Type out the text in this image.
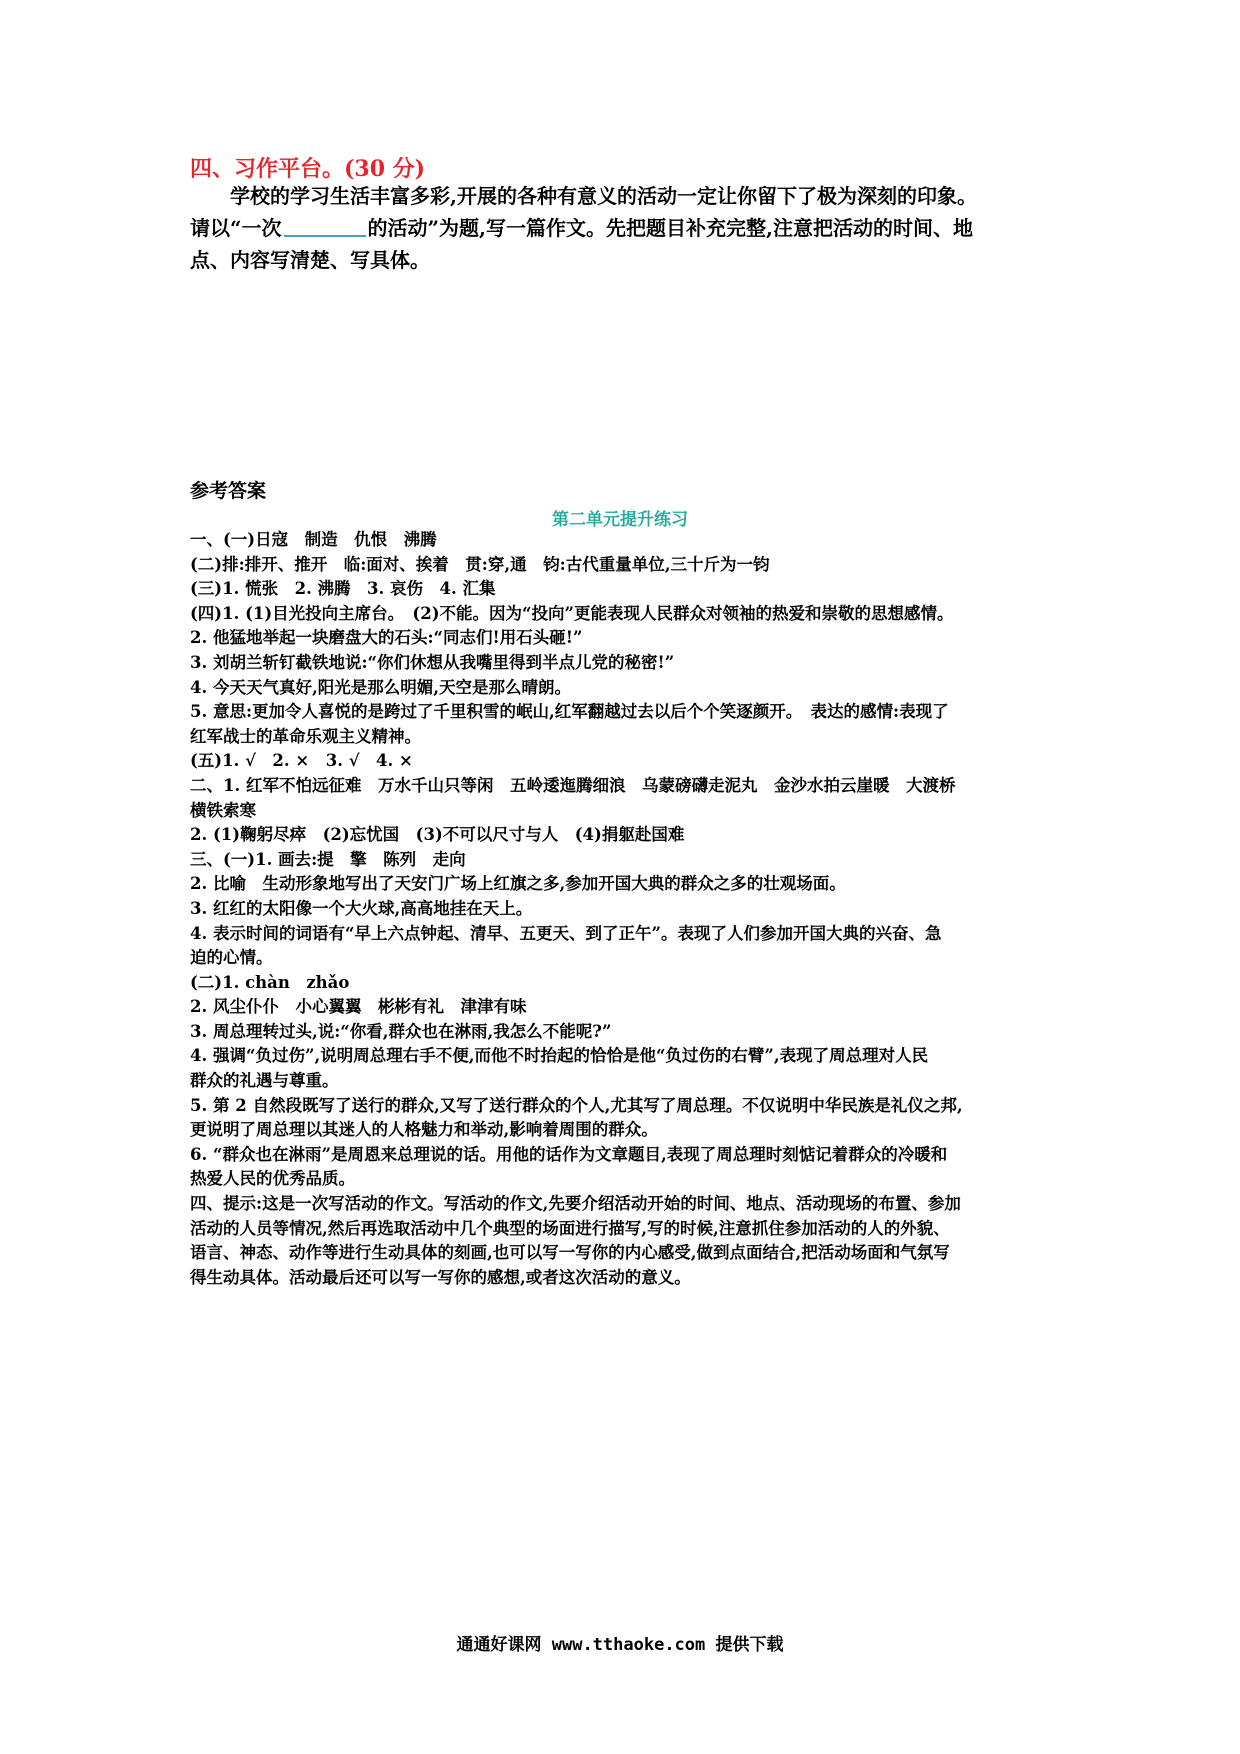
四、习作平台。(30 分)

学校的学习生活丰富多彩,开展的各种有意义的活动一定让你留下了极为深刻的印象。

请以“一次	的活动”为题,写一篇作文。先把题目补充完整,注意把活动的时间、地

点、内容写清楚、写具体。

参考答案
第二单元提升练习
一、(一)日寇　制造　仇恨　沸腾
(二)排:排开、推开　临:面对、挨着　贯:穿,通　钧:古代重量单位,三十斤为一钧
(三)1. 慌张　2. 沸腾　3. 哀伤　4. 汇集
(四)1. (1)目光投向主席台。　(2)不能。因为“投向”更能表现人民群众对领袖的热爱和崇敬的思想感情。
2. 他猛地举起一块磨盘大的石头:“同志们!用石头砸!”
3. 刘胡兰斩钉截铁地说:“你们休想从我嘴里得到半点儿党的秘密!”
4. 今天天气真好,阳光是那么明媚,天空是那么晴朗。
5. 意思:更加令人喜悦的是跨过了千里积雪的岷山,红军翻越过去以后个个笑逐颜开。　表达的感情:表现了
红军战士的革命乐观主义精神。
(五)1. √　2. ×　3. √　4. ×
二、1. 红军不怕远征难　万水千山只等闲　五岭逶迤腾细浪　乌蒙磅礴走泥丸　金沙水拍云崖暖　大渡桥
横铁索寒
2. (1)鞠躬尽瘁　(2)忘忧国　(3)不可以尺寸与人　(4)捐躯赴国难
三、(一)1. 画去:提　擎　陈列　走向
2. 比喻　生动形象地写出了天安门广场上红旗之多,参加开国大典的群众之多的壮观场面。
3. 红红的太阳像一个大火球,高高地挂在天上。
4. 表示时间的词语有“早上六点钟起、清早、五更天、到了正午”。表现了人们参加开国大典的兴奋、急
迫的心情。
(二)1. chàn　zhǎo
2. 风尘仆仆　小心翼翼　彬彬有礼　津津有味
3. 周总理转过头,说:“你看,群众也在淋雨,我怎么不能呢?”
4. 强调“负过伤”,说明周总理右手不便,而他不时抬起的恰恰是他“负过伤的右臂”,表现了周总理对人民
群众的礼遇与尊重。
5. 第 2 自然段既写了送行的群众,又写了送行群众的个人,尤其写了周总理。不仅说明中华民族是礼仪之邦,
更说明了周总理以其迷人的人格魅力和举动,影响着周围的群众。
6. “群众也在淋雨”是周恩来总理说的话。用他的话作为文章题目,表现了周总理时刻惦记着群众的冷暖和
热爱人民的优秀品质。
四、提示:这是一次写活动的作文。写活动的作文,先要介绍活动开始的时间、地点、活动现场的布置、参加
活动的人员等情况,然后再选取活动中几个典型的场面进行描写,写的时候,注意抓住参加活动的人的外貌、
语言、神态、动作等进行生动具体的刻画,也可以写一写你的内心感受,做到点面结合,把活动场面和气氛写
得生动具体。活动最后还可以写一写你的感想,或者这次活动的意义。
通通好课网 www.tthaoke.com 提供下载
